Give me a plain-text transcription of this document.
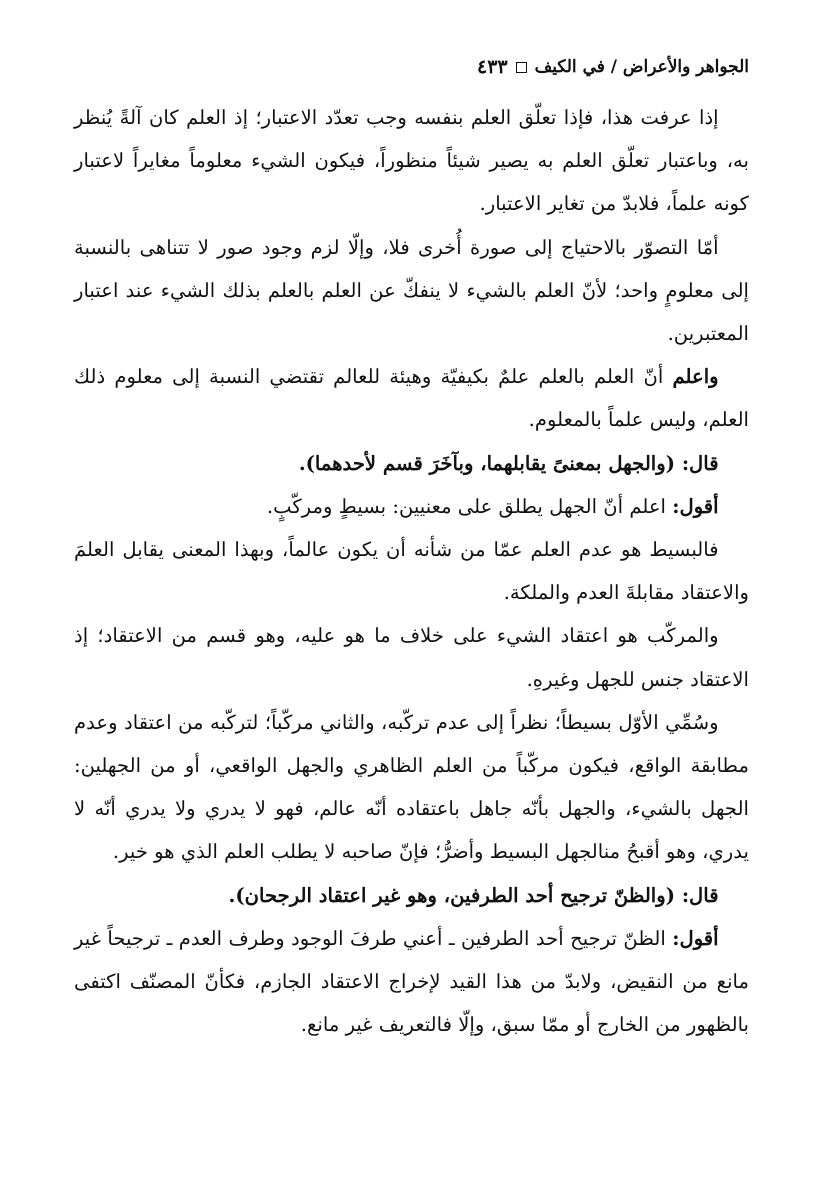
الجواهر والأعراض / في الكيف
٤٣٣

إذا عرفت هذا، فإذا تعلّق العلم بنفسه وجب تعدّد الاعتبار؛ إذ العلم كان آلةً يُنظر به، وباعتبار تعلّق العلم به يصير شيئاً منظوراً، فيكون الشيء معلوماً مغايراً لاعتبار كونه علماً، فلابدّ من تغاير الاعتبار.

أمّا التصوّر بالاحتياج إلى صورة أُخرى فلا، وإلّا لزم وجود صور لا تتناهى بالنسبة إلى معلومٍ واحد؛ لأنّ العلم بالشيء لا ينفكّ عن العلم بالعلم بذلك الشيء عند اعتبار المعتبرين.

واعلم أنّ العلم بالعلم علمٌ بكيفيّة وهيئة للعالم تقتضي النسبة إلى معلوم ذلك العلم، وليس علماً بالمعلوم.

قال: (والجهل بمعنىً يقابلهما، وبآخَرَ قسم لأحدهما).

أقول: اعلم أنّ الجهل يطلق على معنيين: بسيطٍ ومركّبٍ.

فالبسيط هو عدم العلم عمّا من شأنه أن يكون عالماً، وبهذا المعنى يقابل العلمَ والاعتقاد مقابلةَ العدم والملكة.

والمركّب هو اعتقاد الشيء على خلاف ما هو عليه، وهو قسم من الاعتقاد؛ إذ الاعتقاد جنس للجهل وغيرهِ.

وسُمِّي الأوّل بسيطاً؛ نظراً إلى عدم تركّبه، والثاني مركّباً؛ لتركّبه من اعتقاد وعدم مطابقة الواقع، فيكون مركّباً من العلم الظاهري والجهل الواقعي، أو من الجهلين: الجهل بالشيء، والجهل بأنّه جاهل باعتقاده أنّه عالم، فهو لا يدري ولا يدري أنّه لا يدري، وهو أقبحُ منالجهل البسيط وأضرُّ؛ فإنّ صاحبه لا يطلب العلم الذي هو خير.

قال: (والظنّ ترجيح أحد الطرفين، وهو غير اعتقاد الرجحان).

أقول: الظنّ ترجيح أحد الطرفين ـ أعني طرفَ الوجود وطرف العدم ـ ترجيحاً غير مانع من النقيض، ولابدّ من هذا القيد لإخراج الاعتقاد الجازم، فكأنّ المصنّف اكتفى بالظهور من الخارج أو ممّا سبق، وإلّا فالتعريف غير مانع.
